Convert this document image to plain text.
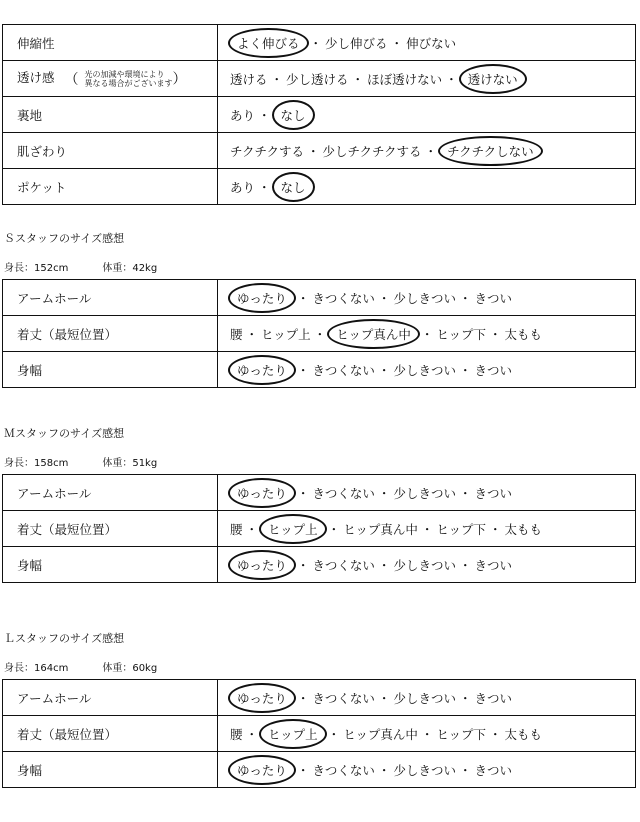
伸縮性	よく伸びる ・ 少し伸びる ・ 伸びない
透け感 （ 光の加減や環境により
異なる場合がございます ）	透ける ・ 少し透ける ・ ほぼ透けない ・ 透けない
裏地	あり ・ なし
肌ざわり	チクチクする ・ 少しチクチクする ・ チクチクしない
ポケット	あり ・ なし
Ｓスタッフのサイズ感想
身長：152cm	体重：42kg
アームホール	ゆったり ・ きつくない ・ 少しきつい ・ きつい
着丈（最短位置）	腰 ・ ヒップ上 ・ ヒップ真ん中 ・ ヒップ下 ・ 太もも
身幅	ゆったり ・ きつくない ・ 少しきつい ・ きつい
Ｍスタッフのサイズ感想
身長：158cm	体重：51kg
アームホール	ゆったり ・ きつくない ・ 少しきつい ・ きつい
着丈（最短位置）	腰 ・ ヒップ上 ・ ヒップ真ん中 ・ ヒップ下 ・ 太もも
身幅	ゆったり ・ きつくない ・ 少しきつい ・ きつい
Ｌスタッフのサイズ感想
身長：164cm	体重：60kg
アームホール	ゆったり ・ きつくない ・ 少しきつい ・ きつい
着丈（最短位置）	腰 ・ ヒップ上 ・ ヒップ真ん中 ・ ヒップ下 ・ 太もも
身幅	ゆったり ・ きつくない ・ 少しきつい ・ きつい
